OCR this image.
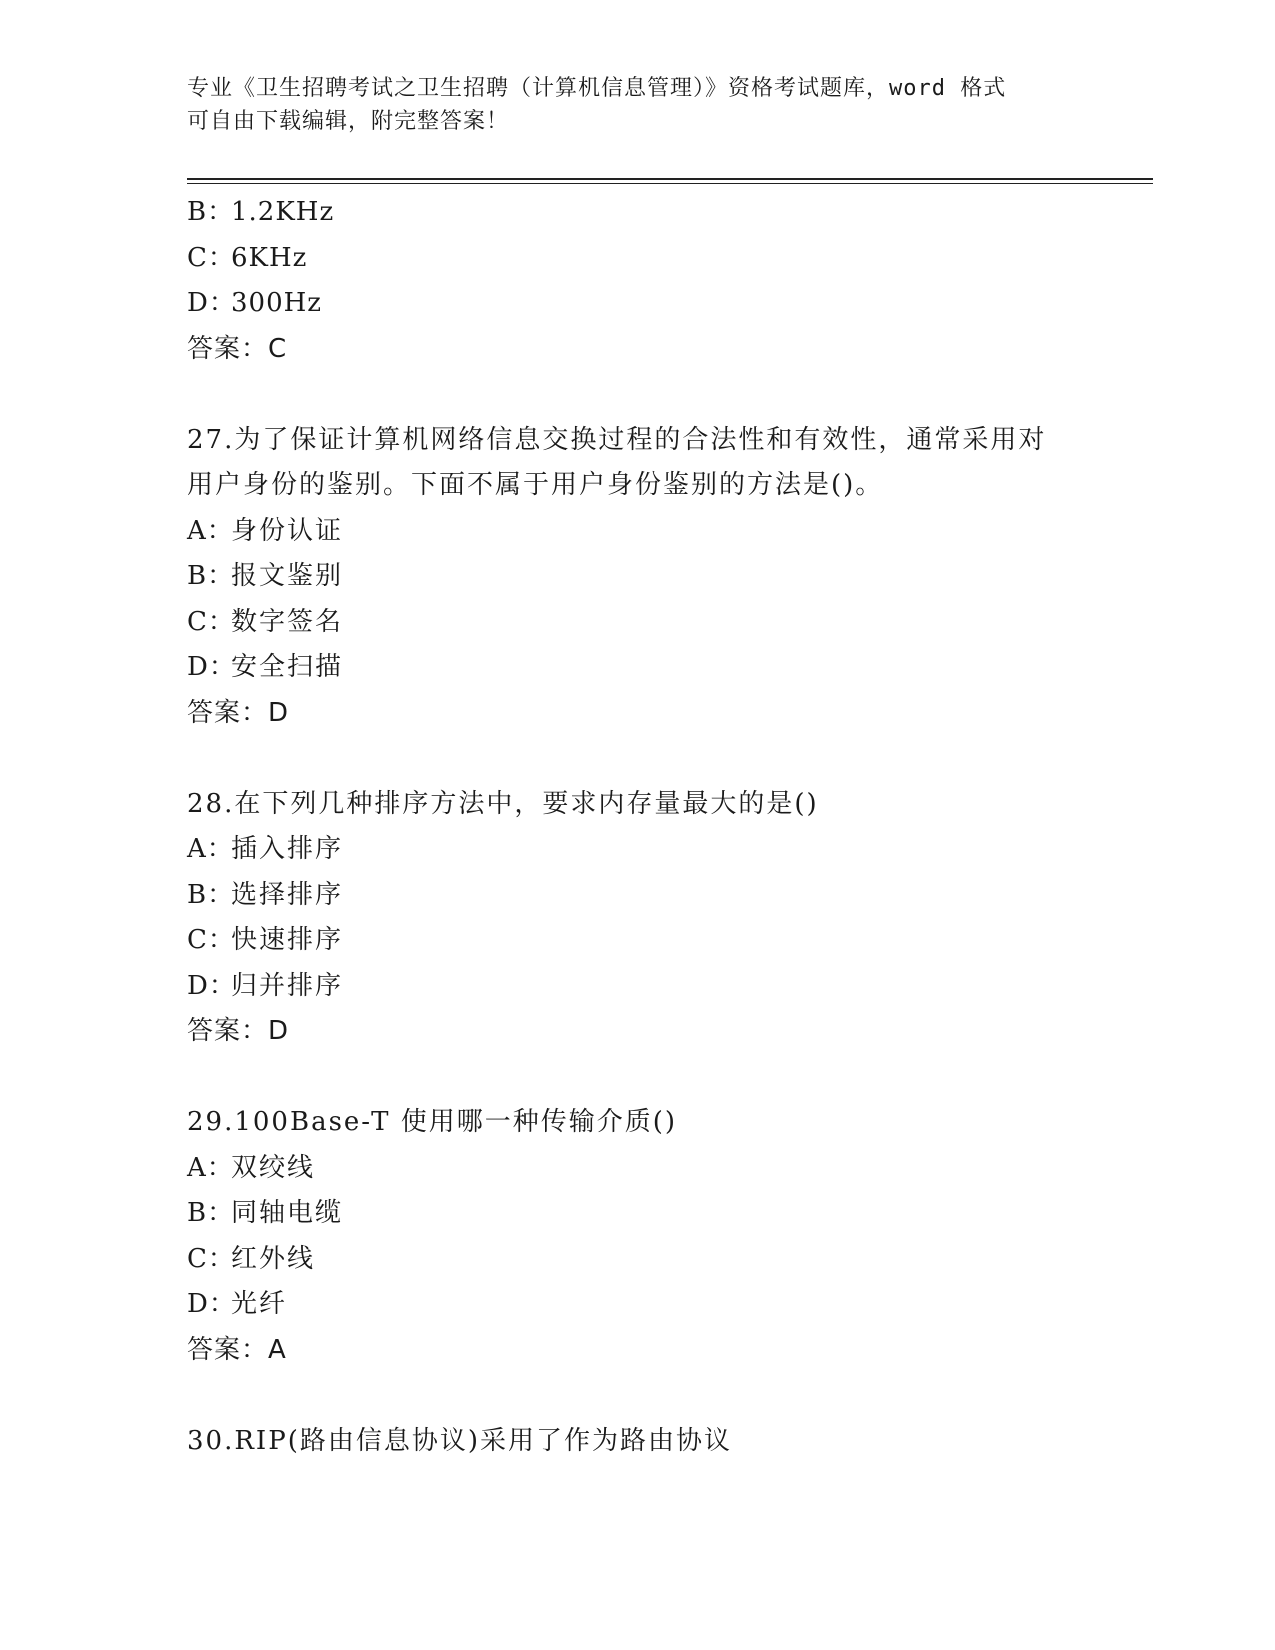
专业《卫生招聘考试之卫生招聘（计算机信息管理）》资格考试题库，word 格式
可自由下载编辑，附完整答案！
B：1.2KHz
C：6KHz
D：300Hz
答案：C
27.为了保证计算机网络信息交换过程的合法性和有效性，通常采用对
用户身份的鉴别。下面不属于用户身份鉴别的方法是()。
A：身份认证
B：报文鉴别
C：数字签名
D：安全扫描
答案：D
28.在下列几种排序方法中，要求内存量最大的是()
A：插入排序
B：选择排序
C：快速排序
D：归并排序
答案：D
29.100Base-T 使用哪一种传输介质()
A：双绞线
B：同轴电缆
C：红外线
D：光纤
答案：A
30.RIP(路由信息协议)采用了作为路由协议
